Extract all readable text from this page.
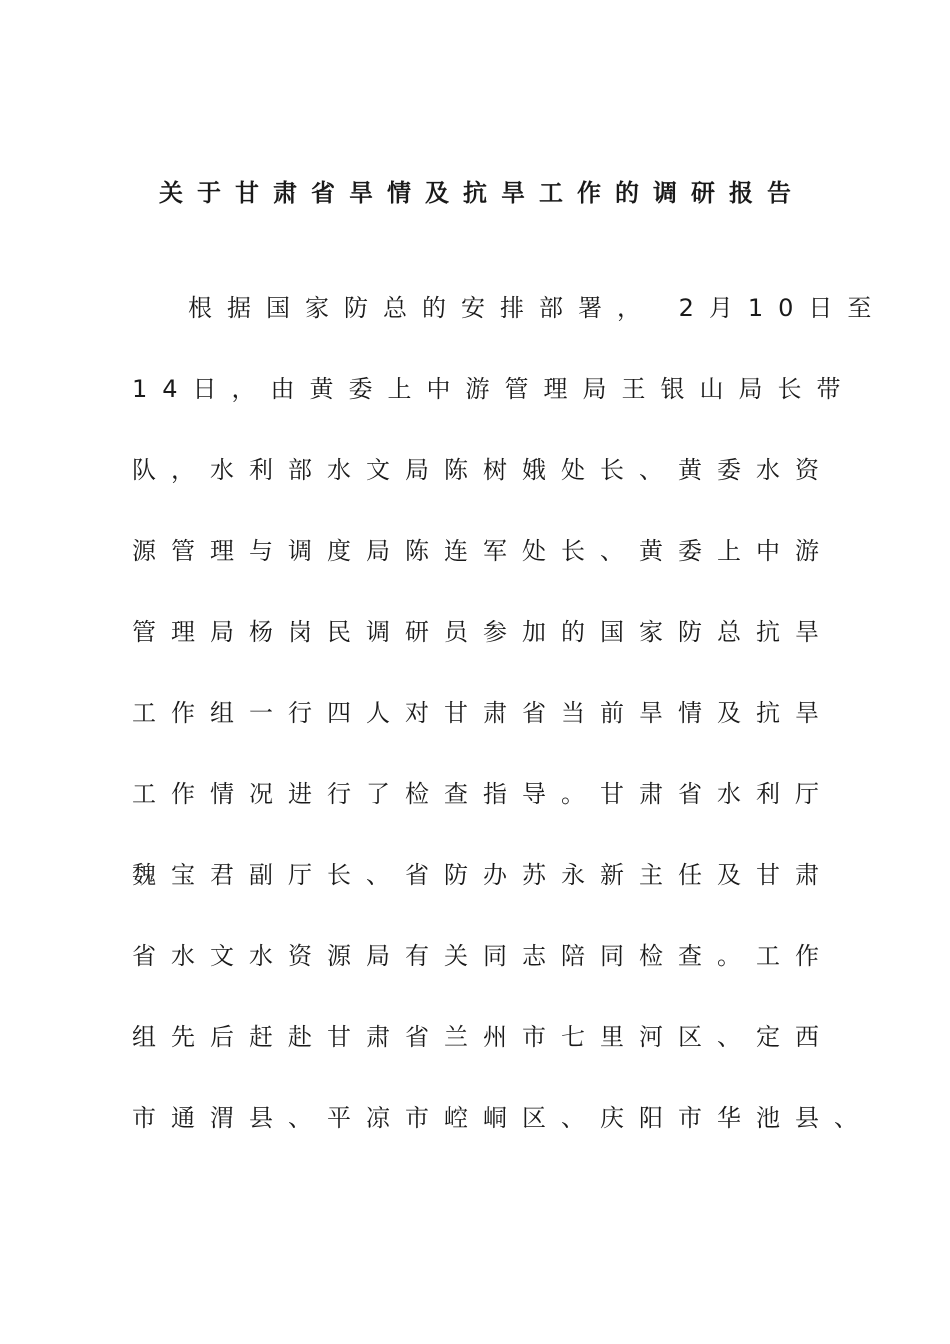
关于甘肃省旱情及抗旱工作的调研报告
根据国家防总的安排部署， 2月10日至
14日，由黄委上中游管理局王银山局长带
队，水利部水文局陈树娥处长、黄委水资
源管理与调度局陈连军处长、黄委上中游
管理局杨岗民调研员参加的国家防总抗旱
工作组一行四人对甘肃省当前旱情及抗旱
工作情况进行了检查指导。甘肃省水利厅
魏宝君副厅长、省防办苏永新主任及甘肃
省水文水资源局有关同志陪同检查。工作
组先后赶赴甘肃省兰州市七里河区、定西
市通渭县、平凉市崆峒区、庆阳市华池县、
